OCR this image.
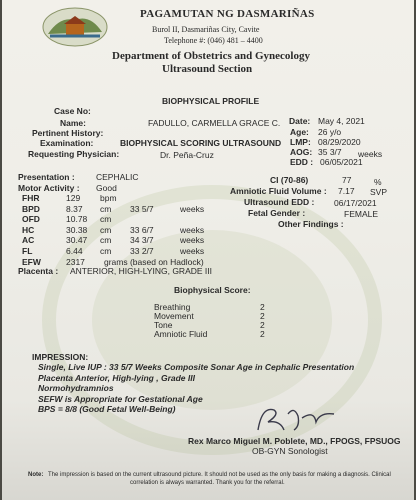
PAGAMUTAN NG DASMARIÑAS
Burol II, Dasmariñas City, Cavite
Telephone #: (046) 481 – 4400
Department of Obstetrics and Gynecology
Ultrasound Section
BIOPHYSICAL PROFILE
Case No:
Name:	FADULLO, CARMELLA GRACE C.
Pertinent History:
Examination:	BIOPHYSICAL SCORING ULTRASOUND
Requesting Physician:	Dr. Peña-Cruz
Date: May 4, 2021
Age: 26 y/o
LMP: 08/29/2020
AOG: 35 3/7 weeks
EDD : 06/05/2021
Presentation :	CEPHALIC
Motor Activity : Good
FHR	129 bpm
BPD	8.37 cm 33 5/7	weeks
OFD	10.78 cm
HC	30.38 cm 33 6/7	weeks
AC	30.47 cm 34 3/7	weeks
FL	6.44 cm 33 2/7	weeks
EFW	2317 grams (based on Hadlock)
Placenta : ANTERIOR, HIGH-LYING, GRADE III
CI (70-86)	77	%
Amniotic Fluid Volume : 7.17 SVP
Ultrasound EDD : 06/17/2021
Fetal Gender :	FEMALE
Other Findings :
Biophysical Score:
Breathing	2
Movement	2
Tone	2
Amniotic Fluid	2
IMPRESSION:
Single, Live IUP : 33 5/7 Weeks Composite Sonar Age in Cephalic Presentation
Placenta Anterior, High-lying , Grade III
Normohydramnios
SEFW is Appropriate for Gestational Age
BPS = 8/8 (Good Fetal Well-Being)
Rex Marco Miguel M. Poblete, MD., FPOGS, FPSUOG
OB-GYN Sonologist
Note: The impression is based on the current ultrasound picture. It should not be used as the only basis for making a diagnosis. Clinical
correlation is always warranted. Thank you for the referral.
